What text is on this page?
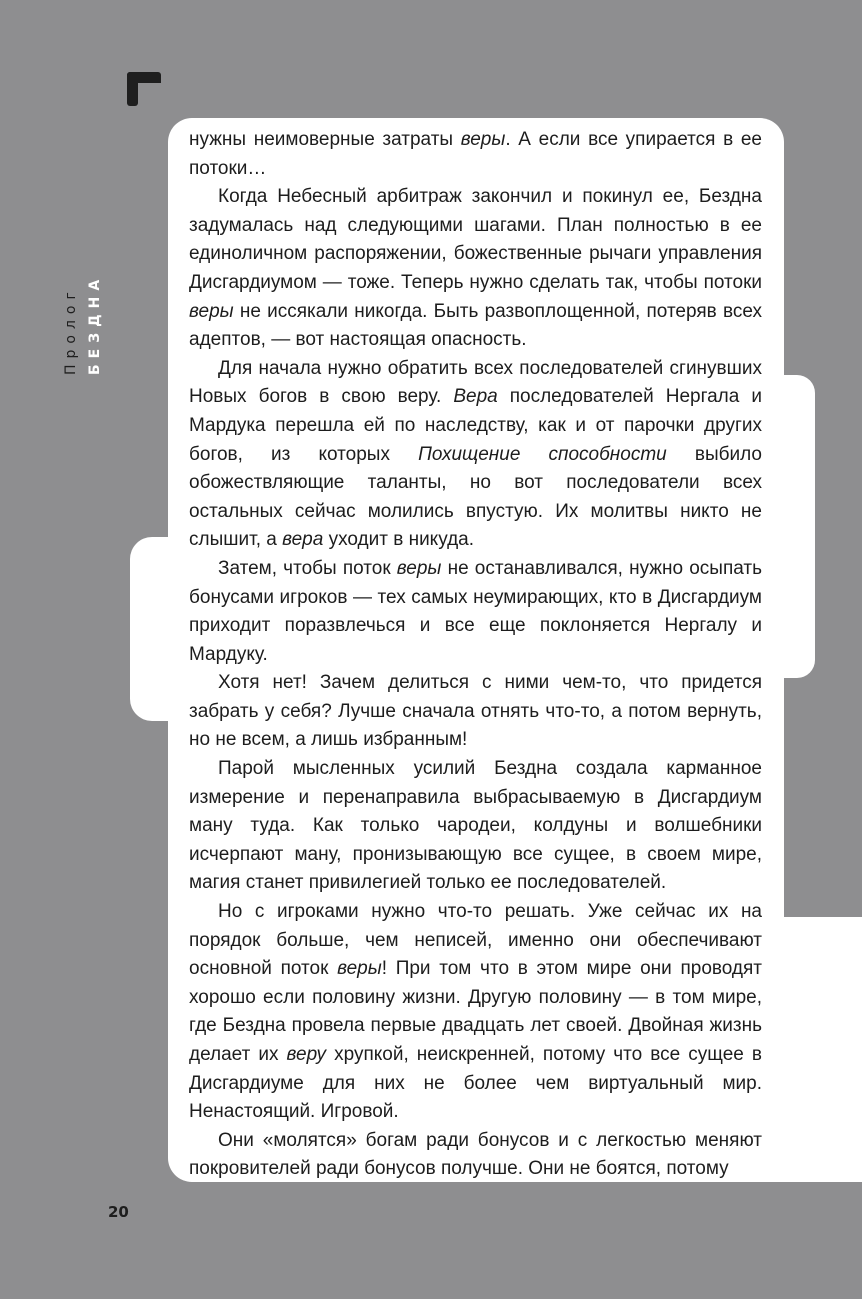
Пролог БЕЗДНА

нужны неимоверные затраты веры. А если все упирается в ее потоки…

Когда Небесный арбитраж закончил и покинул ее, Бездна задумалась над следующими шагами. План полностью в ее единоличном распоряжении, божественные рычаги управления Дисгардиумом — тоже. Теперь нужно сделать так, чтобы потоки веры не иссякали никогда. Быть развоплощенной, потеряв всех адептов, — вот настоящая опасность.

Для начала нужно обратить всех последователей сгинувших Новых богов в свою веру. Вера последователей Нергала и Мардука перешла ей по наследству, как и от парочки других богов, из которых Похищение способности выбило обожествляющие таланты, но вот последователи всех остальных сейчас молились впустую. Их молитвы никто не слышит, а вера уходит в никуда.

Затем, чтобы поток веры не останавливался, нужно осыпать бонусами игроков — тех самых неумирающих, кто в Дисгардиум приходит поразвлечься и все еще поклоняется Нергалу и Мардуку.

Хотя нет! Зачем делиться с ними чем-то, что придется забрать у себя? Лучше сначала отнять что-то, а потом вернуть, но не всем, а лишь избранным!

Парой мысленных усилий Бездна создала карманное измерение и перенаправила выбрасываемую в Дисгардиум ману туда. Как только чародеи, колдуны и волшебники исчерпают ману, пронизывающую все сущее, в своем мире, магия станет привилегией только ее последователей.

Но с игроками нужно что-то решать. Уже сейчас их на порядок больше, чем неписей, именно они обеспечивают основной поток веры! При том что в этом мире они проводят хорошо если половину жизни. Другую половину — в том мире, где Бездна провела первые двадцать лет своей. Двойная жизнь делает их веру хрупкой, неискренней, потому что все сущее в Дисгардиуме для них не более чем виртуальный мир. Ненастоящий. Игровой.

Они «молятся» богам ради бонусов и с легкостью меняют покровителей ради бонусов получше. Они не боятся, потому

20
